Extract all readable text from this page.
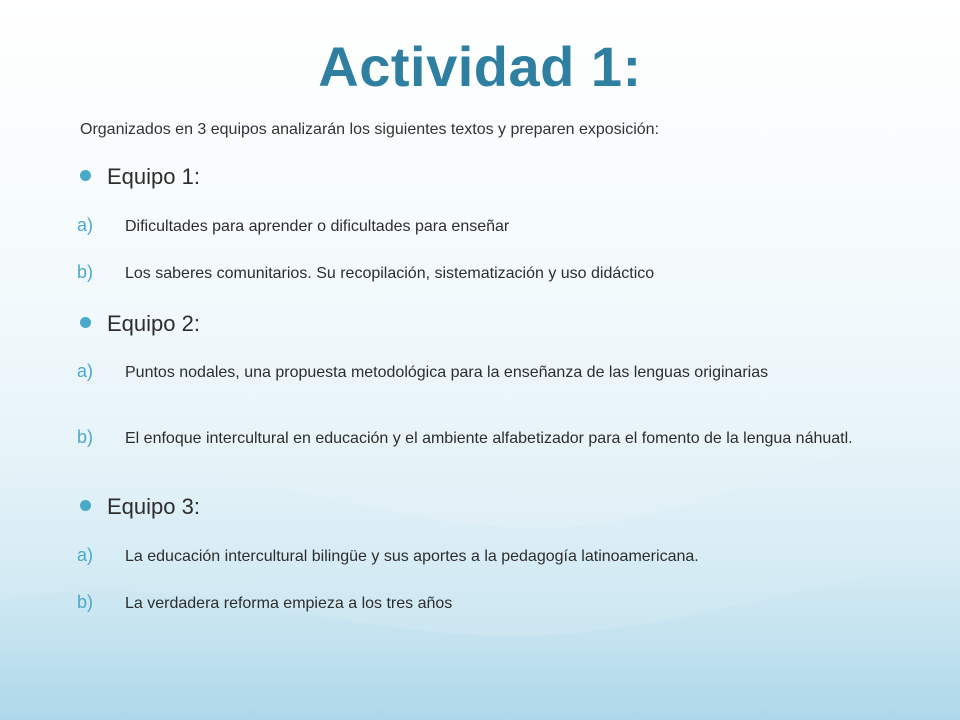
Actividad 1:
Organizados en 3 equipos analizarán los siguientes textos y preparen exposición:
Equipo 1:
a) Dificultades para aprender o dificultades para enseñar
b) Los saberes comunitarios. Su recopilación, sistematización y uso didáctico
Equipo 2:
a) Puntos nodales, una propuesta metodológica para la enseñanza de las lenguas originarias
b) El enfoque intercultural en educación y el ambiente alfabetizador para el fomento de la lengua náhuatl.
Equipo 3:
a) La educación intercultural bilingüe y sus aportes a la pedagogía latinoamericana.
b) La verdadera reforma empieza a los tres años
